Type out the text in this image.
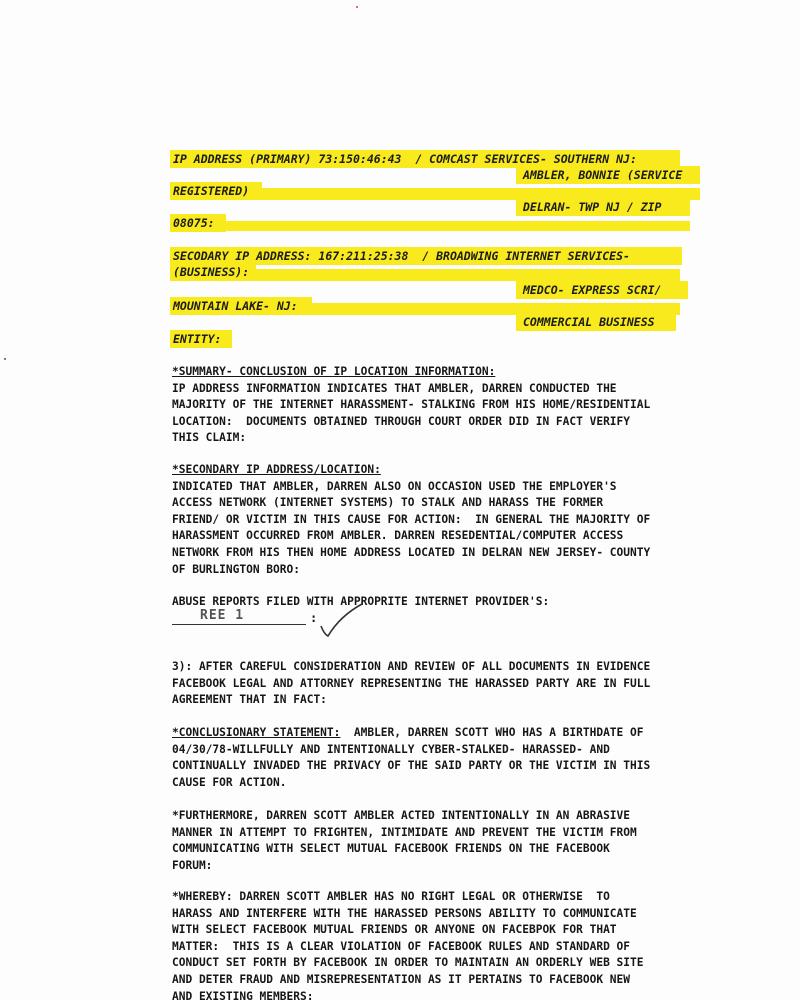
IP ADDRESS (PRIMARY) 73:150:46:43  / COMCAST SERVICES- SOUTHERN NJ:
AMBLER, BONNIE (SERVICE
REGISTERED)
DELRAN- TWP NJ / ZIP
08075:
SECODARY IP ADDRESS: 167:211:25:38  / BROADWING INTERNET SERVICES-
(BUSINESS):
MEDCO- EXPRESS SCRI/
MOUNTAIN LAKE- NJ:
COMMERCIAL BUSINESS
ENTITY:

*SUMMARY- CONCLUSION OF IP LOCATION INFORMATION:

IP ADDRESS INFORMATION INDICATES THAT AMBLER, DARREN CONDUCTED THE

MAJORITY OF THE INTERNET HARASSMENT- STALKING FROM HIS HOME/RESIDENTIAL

LOCATION:  DOCUMENTS OBTAINED THROUGH COURT ORDER DID IN FACT VERIFY

THIS CLAIM:

*SECONDARY IP ADDRESS/LOCATION:

INDICATED THAT AMBLER, DARREN ALSO ON OCCASION USED THE EMPLOYER'S

ACCESS NETWORK (INTERNET SYSTEMS) TO STALK AND HARASS THE FORMER

FRIEND/ OR VICTIM IN THIS CAUSE FOR ACTION:  IN GENERAL THE MAJORITY OF

HARASSMENT OCCURRED FROM AMBLER. DARREN RESEDENTIAL/COMPUTER ACCESS

NETWORK FROM HIS THEN HOME ADDRESS LOCATED IN DELRAN NEW JERSEY- COUNTY

OF BURLINGTON BORO:

ABUSE REPORTS FILED WITH APPROPRITE INTERNET PROVIDER'S:

REE 1	:

3): AFTER CAREFUL CONSIDERATION AND REVIEW OF ALL DOCUMENTS IN EVIDENCE

FACEBOOK LEGAL AND ATTORNEY REPRESENTING THE HARASSED PARTY ARE IN FULL

AGREEMENT THAT IN FACT:

*CONCLUSIONARY STATEMENT:  AMBLER, DARREN SCOTT WHO HAS A BIRTHDATE OF

04/30/78-WILLFULLY AND INTENTIONALLY CYBER-STALKED- HARASSED- AND

CONTINUALLY INVADED THE PRIVACY OF THE SAID PARTY OR THE VICTIM IN THIS

CAUSE FOR ACTION.

*FURTHERMORE, DARREN SCOTT AMBLER ACTED INTENTIONALLY IN AN ABRASIVE

MANNER IN ATTEMPT TO FRIGHTEN, INTIMIDATE AND PREVENT THE VICTIM FROM

COMMUNICATING WITH SELECT MUTUAL FACEBOOK FRIENDS ON THE FACEBOOK

FORUM:

*WHEREBY: DARREN SCOTT AMBLER HAS NO RIGHT LEGAL OR OTHERWISE  TO

HARASS AND INTERFERE WITH THE HARASSED PERSONS ABILITY TO COMMUNICATE

WITH SELECT FACEBOOK MUTUAL FRIENDS OR ANYONE ON FACEBPOK FOR THAT

MATTER:  THIS IS A CLEAR VIOLATION OF FACEBOOK RULES AND STANDARD OF

CONDUCT SET FORTH BY FACEBOOK IN ORDER TO MAINTAIN AN ORDERLY WEB SITE

AND DETER FRAUD AND MISREPRESENTATION AS IT PERTAINS TO FACEBOOK NEW

AND EXISTING MEMBERS:
